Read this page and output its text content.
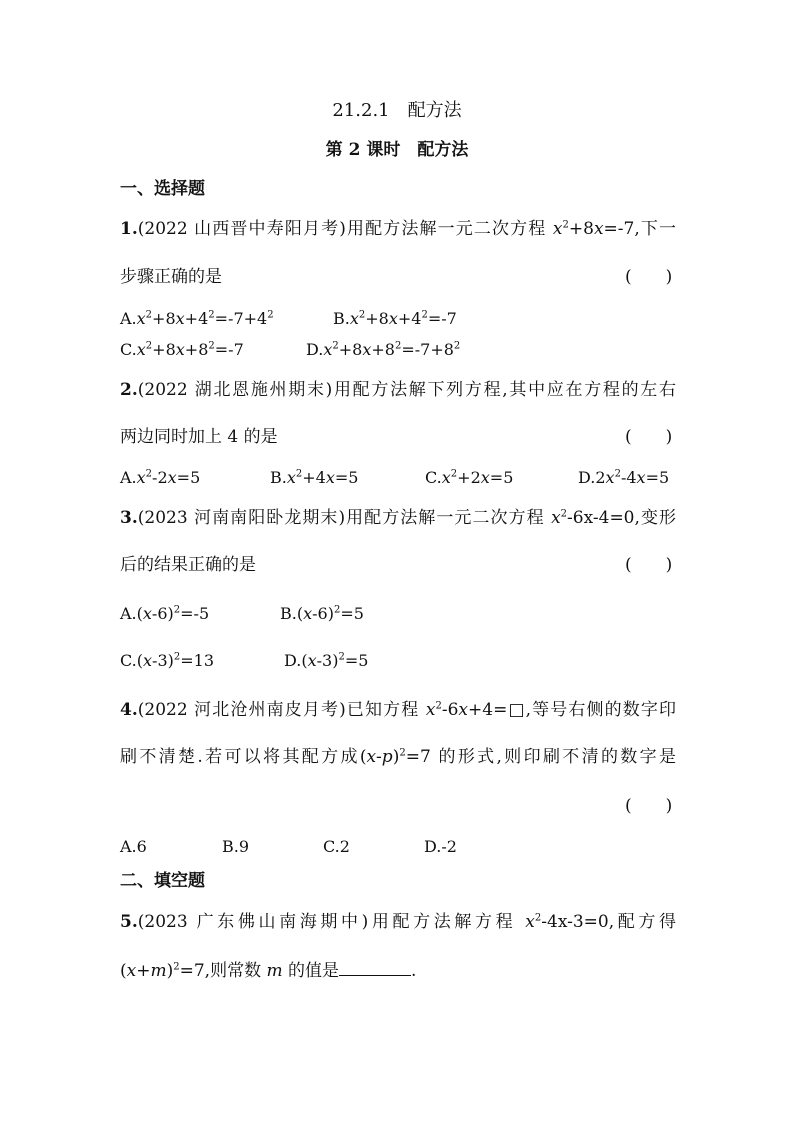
21.2.1　配方法
第 2 课时　配方法
一、选择题
1.(2022 山西晋中寿阳月考)用配方法解一元二次方程 $x^2+8x=-7$,下一
步骤正确的是	(　　)
$A.x^2+8x+4^2=-7+4^2$	$B.x^2+8x+4^2=-7$
$C.x^2+8x+8^2=-7$	$D.x^2+8x+8^2=-7+8^2$
2.(2022 湖北恩施州期末)用配方法解下列方程,其中应在方程的左右
两边同时加上 4 的是	(　　)
$A.x^2-2x=5$	$B.x^2+4x=5$	$C.x^2+2x=5$	$D.2x^2-4x=5$
3.(2023 河南南阳卧龙期末)用配方法解一元二次方程 $x^2-6x-4=0$,变形
后的结果正确的是	(　　)
$A.(x-6)^2=-5$	$B.(x-6)^2=5$
$C.(x-3)^2=13$	$D.(x-3)^2=5$
4.(2022 河北沧州南皮月考)已知方程 $x^2-6x+4=□$,等号右侧的数字印
刷不清楚.若可以将其配方成$(x-p)^2=7$ 的形式,则印刷不清的数字是
(　　)
A.6	B.9	C.2	D.-2
二、填空题
5.(2023 广东佛山南海期中)用配方法解方程 $x^2-4x-3=0$,配方得
$(x+m)^2=7$,则常数 m 的值是	.
